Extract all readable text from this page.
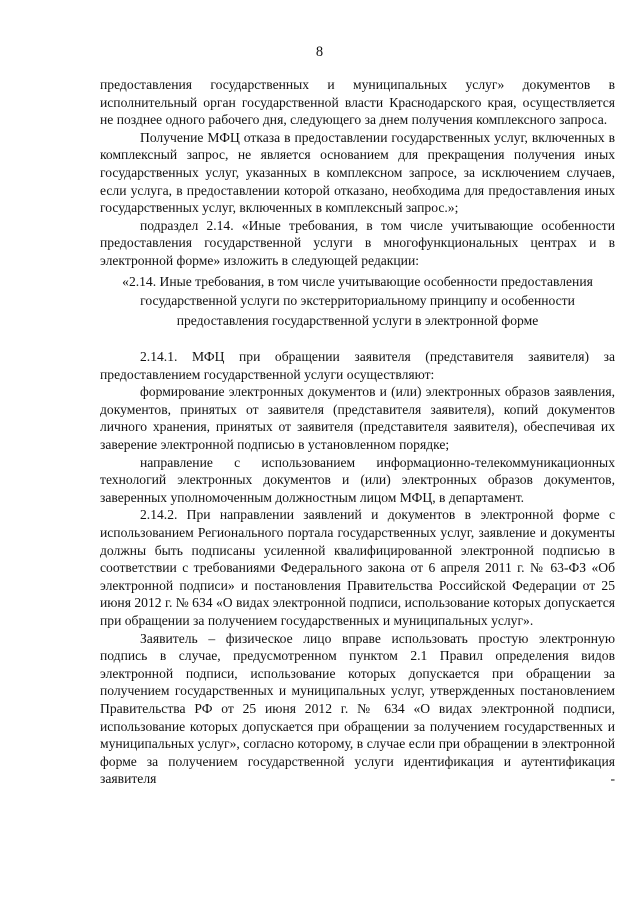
8

предоставления государственных и муниципальных услуг» документов в исполнительный орган государственной власти Краснодарского края, осуществляется не позднее одного рабочего дня, следующего за днем получения комплексного запроса.

Получение МФЦ отказа в предоставлении государственных услуг, включенных в комплексный запрос, не является основанием для прекращения получения иных государственных услуг, указанных в комплексном запросе, за исключением случаев, если услуга, в предоставлении которой отказано, необходима для предоставления иных государственных услуг, включенных в комплексный запрос.»;

подраздел 2.14. «Иные требования, в том числе учитывающие особенности предоставления государственной услуги в многофункциональных центрах и в электронной форме» изложить в следующей редакции:

«2.14. Иные требования, в том числе учитывающие особенности предоставления государственной услуги по экстерриториальному принципу и особенности предоставления государственной услуги в электронной форме

2.14.1. МФЦ при обращении заявителя (представителя заявителя) за предоставлением государственной услуги осуществляют:

формирование электронных документов и (или) электронных образов заявления, документов, принятых от заявителя (представителя заявителя), копий документов личного хранения, принятых от заявителя (представителя заявителя), обеспечивая их заверение электронной подписью в установленном порядке;

направление с использованием информационно-телекоммуникационных технологий электронных документов и (или) электронных образов документов, заверенных уполномоченным должностным лицом МФЦ, в департамент.

2.14.2. При направлении заявлений и документов в электронной форме с использованием Регионального портала государственных услуг, заявление и документы должны быть подписаны усиленной квалифицированной электронной подписью в соответствии с требованиями Федерального закона от 6 апреля 2011 г. № 63-ФЗ «Об электронной подписи» и постановления Правительства Российской Федерации от 25 июня 2012 г. № 634 «О видах электронной подписи, использование которых допускается при обращении за получением государственных и муниципальных услуг».

Заявитель – физическое лицо вправе использовать простую электронную подпись в случае, предусмотренном пунктом 2.1 Правил определения видов электронной подписи, использование которых допускается при обращении за получением государственных и муниципальных услуг, утвержденных постановлением Правительства РФ от 25 июня 2012 г. № 634 «О видах электронной подписи, использование которых допускается при обращении за получением государственных и муниципальных услуг», согласно которому, в случае если при обращении в электронной форме за получением государственной услуги идентификация и аутентификация заявителя -
